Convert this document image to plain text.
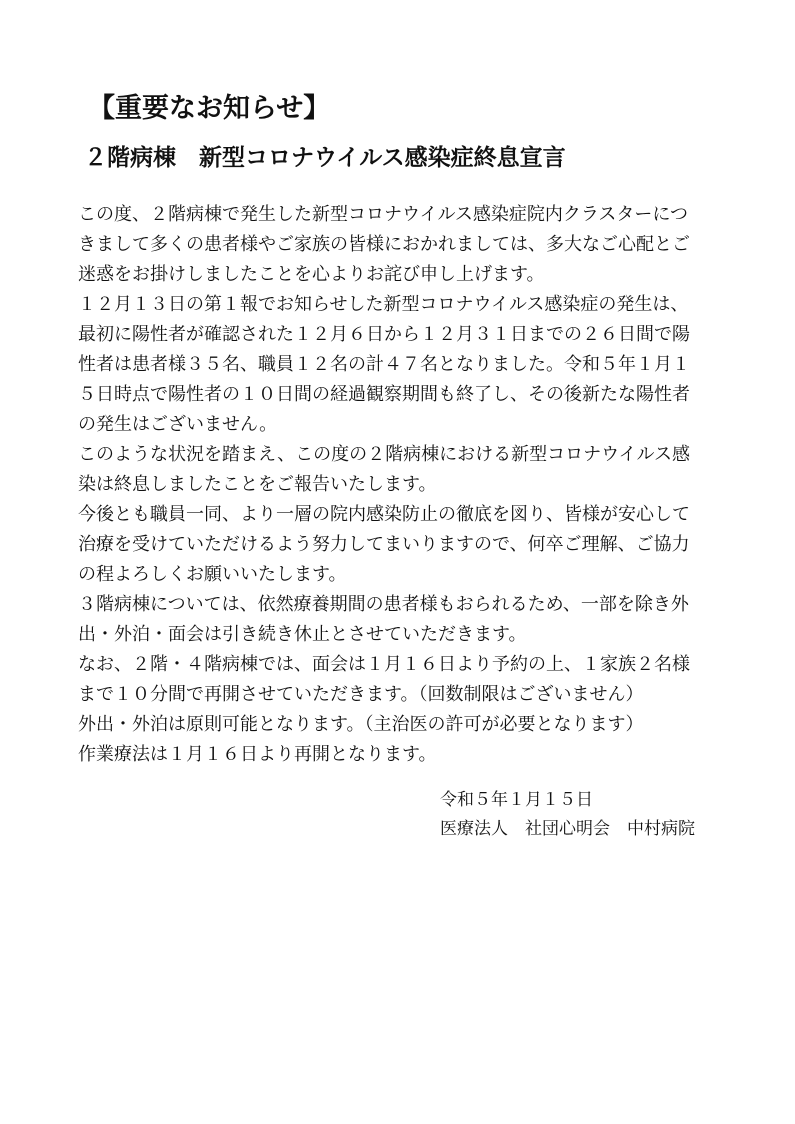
【重要なお知らせ】
２階病棟　新型コロナウイルス感染症終息宣言
この度、２階病棟で発生した新型コロナウイルス感染症院内クラスターにつ
きまして多くの患者様やご家族の皆様におかれましては、多大なご心配とご
迷惑をお掛けしましたことを心よりお詫び申し上げます。
１２月１３日の第１報でお知らせした新型コロナウイルス感染症の発生は、
最初に陽性者が確認された１２月６日から１２月３１日までの２６日間で陽
性者は患者様３５名、職員１２名の計４７名となりました。令和５年１月１
５日時点で陽性者の１０日間の経過観察期間も終了し、その後新たな陽性者
の発生はございません。
このような状況を踏まえ、この度の２階病棟における新型コロナウイルス感
染は終息しましたことをご報告いたします。
今後とも職員一同、より一層の院内感染防止の徹底を図り、皆様が安心して
治療を受けていただけるよう努力してまいりますので、何卒ご理解、ご協力
の程よろしくお願いいたします。
３階病棟については、依然療養期間の患者様もおられるため、一部を除き外
出・外泊・面会は引き続き休止とさせていただきます。
なお、２階・４階病棟では、面会は１月１６日より予約の上、１家族２名様
まで１０分間で再開させていただきます。（回数制限はございません）
外出・外泊は原則可能となります。（主治医の許可が必要となります）
作業療法は１月１６日より再開となります。
令和５年１月１５日
医療法人　社団心明会　中村病院
